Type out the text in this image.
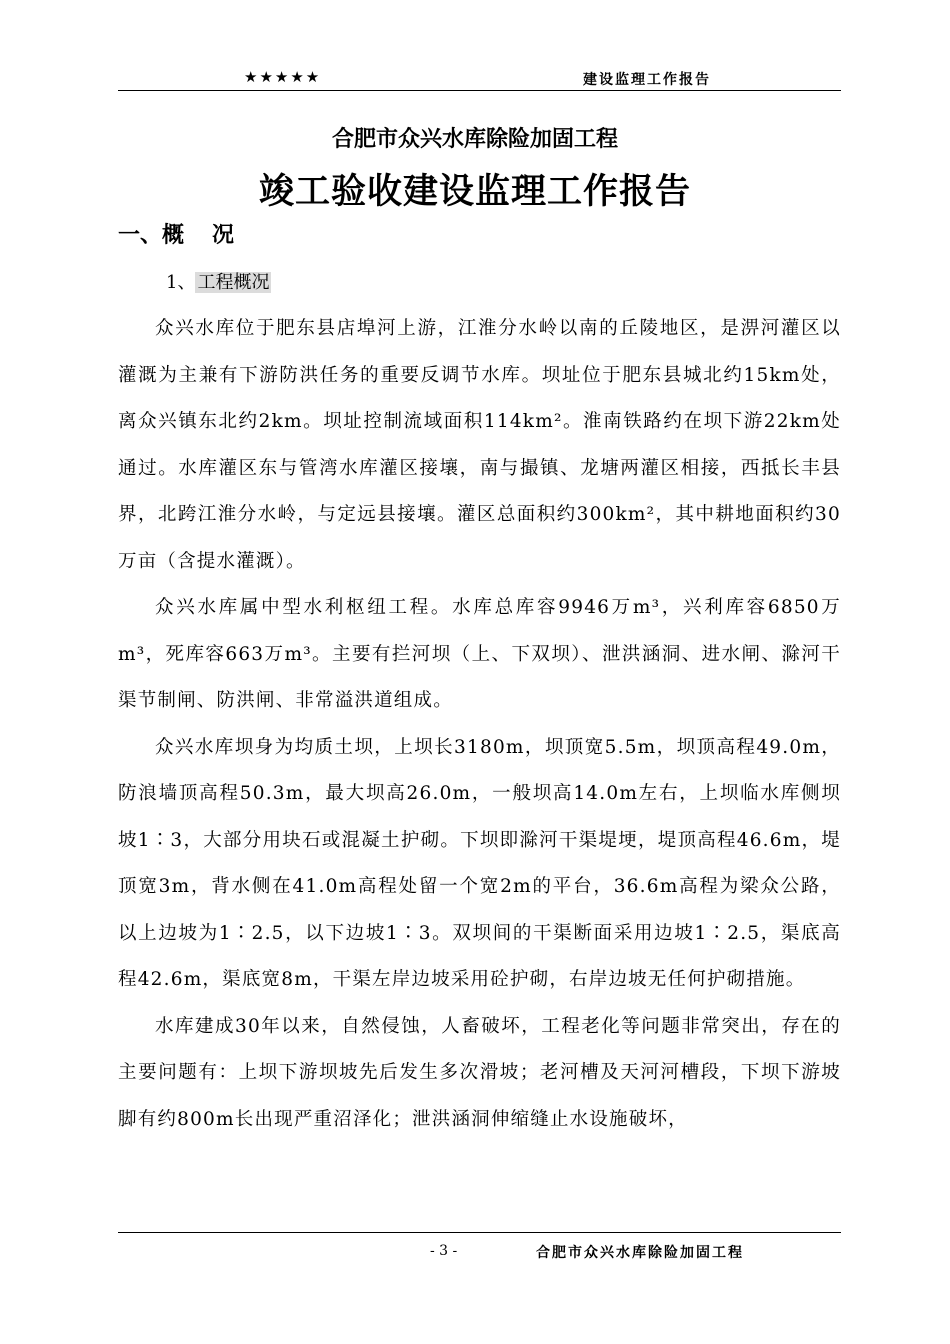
★★★★★	建设监理工作报告
合肥市众兴水库除险加固工程
竣工验收建设监理工作报告
一、概 况
1、 工程概况

众兴水库位于肥东县店埠河上游，江淮分水岭以南的丘陵地区，是淠河灌区以灌溉为主兼有下游防洪任务的重要反调节水库。坝址位于肥东县城北约15km处，离众兴镇东北约2km。坝址控制流域面积114km²。淮南铁路约在坝下游22km处通过。水库灌区东与管湾水库灌区接壤，南与撮镇、龙塘两灌区相接，西抵长丰县界，北跨江淮分水岭，与定远县接壤。灌区总面积约300km²，其中耕地面积约30万亩（含提水灌溉）。

众兴水库属中型水利枢纽工程。水库总库容9946万m³，兴利库容6850万m³，死库容663万m³。主要有拦河坝（上、下双坝）、泄洪涵洞、进水闸、滁河干渠节制闸、防洪闸、非常溢洪道组成。

众兴水库坝身为均质土坝，上坝长3180m，坝顶宽5.5m，坝顶高程49.0m，防浪墙顶高程50.3m，最大坝高26.0m，一般坝高14.0m左右，上坝临水库侧坝坡1∶3，大部分用块石或混凝土护砌。下坝即滁河干渠堤埂，堤顶高程46.6m，堤顶宽3m，背水侧在41.0m高程处留一个宽2m的平台，36.6m高程为梁众公路，以上边坡为1∶2.5，以下边坡1∶3。双坝间的干渠断面采用边坡1∶2.5，渠底高程42.6m，渠底宽8m，干渠左岸边坡采用砼护砌，右岸边坡无任何护砌措施。

水库建成30年以来，自然侵蚀，人畜破坏，工程老化等问题非常突出，存在的主要问题有：上坝下游坝坡先后发生多次滑坡；老河槽及天河河槽段，下坝下游坡脚有约800m长出现严重沼泽化；泄洪涵洞伸缩缝止水设施破坏，

- 3 -	合肥市众兴水库除险加固工程
